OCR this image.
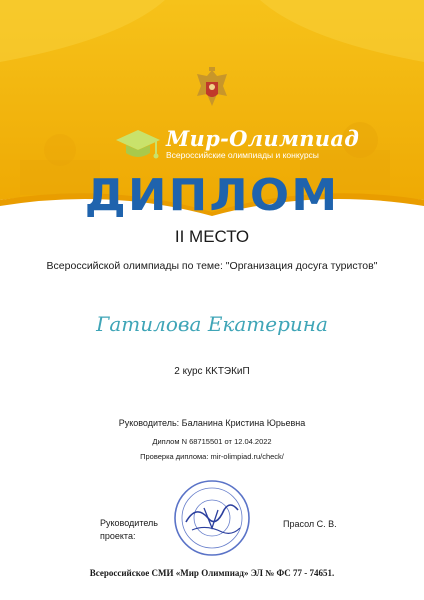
Мир-Олимпиад
Всероссийские олимпиады и конкурсы
ДИПЛОМ
II МЕСТО
Всероссийской олимпиады по теме: "Организация досуга туристов"
Гатилова Екатерина
2 курс КKТЭКиП
Руководитель: Баланина Кристина Юрьевна
Диплом N 68715501 от 12.04.2022
Проверка диплома: mir-olimpiad.ru/check/
Руководитель
проекта:
Прасол С. В.
Всероссийское СМИ «Мир Олимпиад» ЭЛ № ФС 77 - 74651.
